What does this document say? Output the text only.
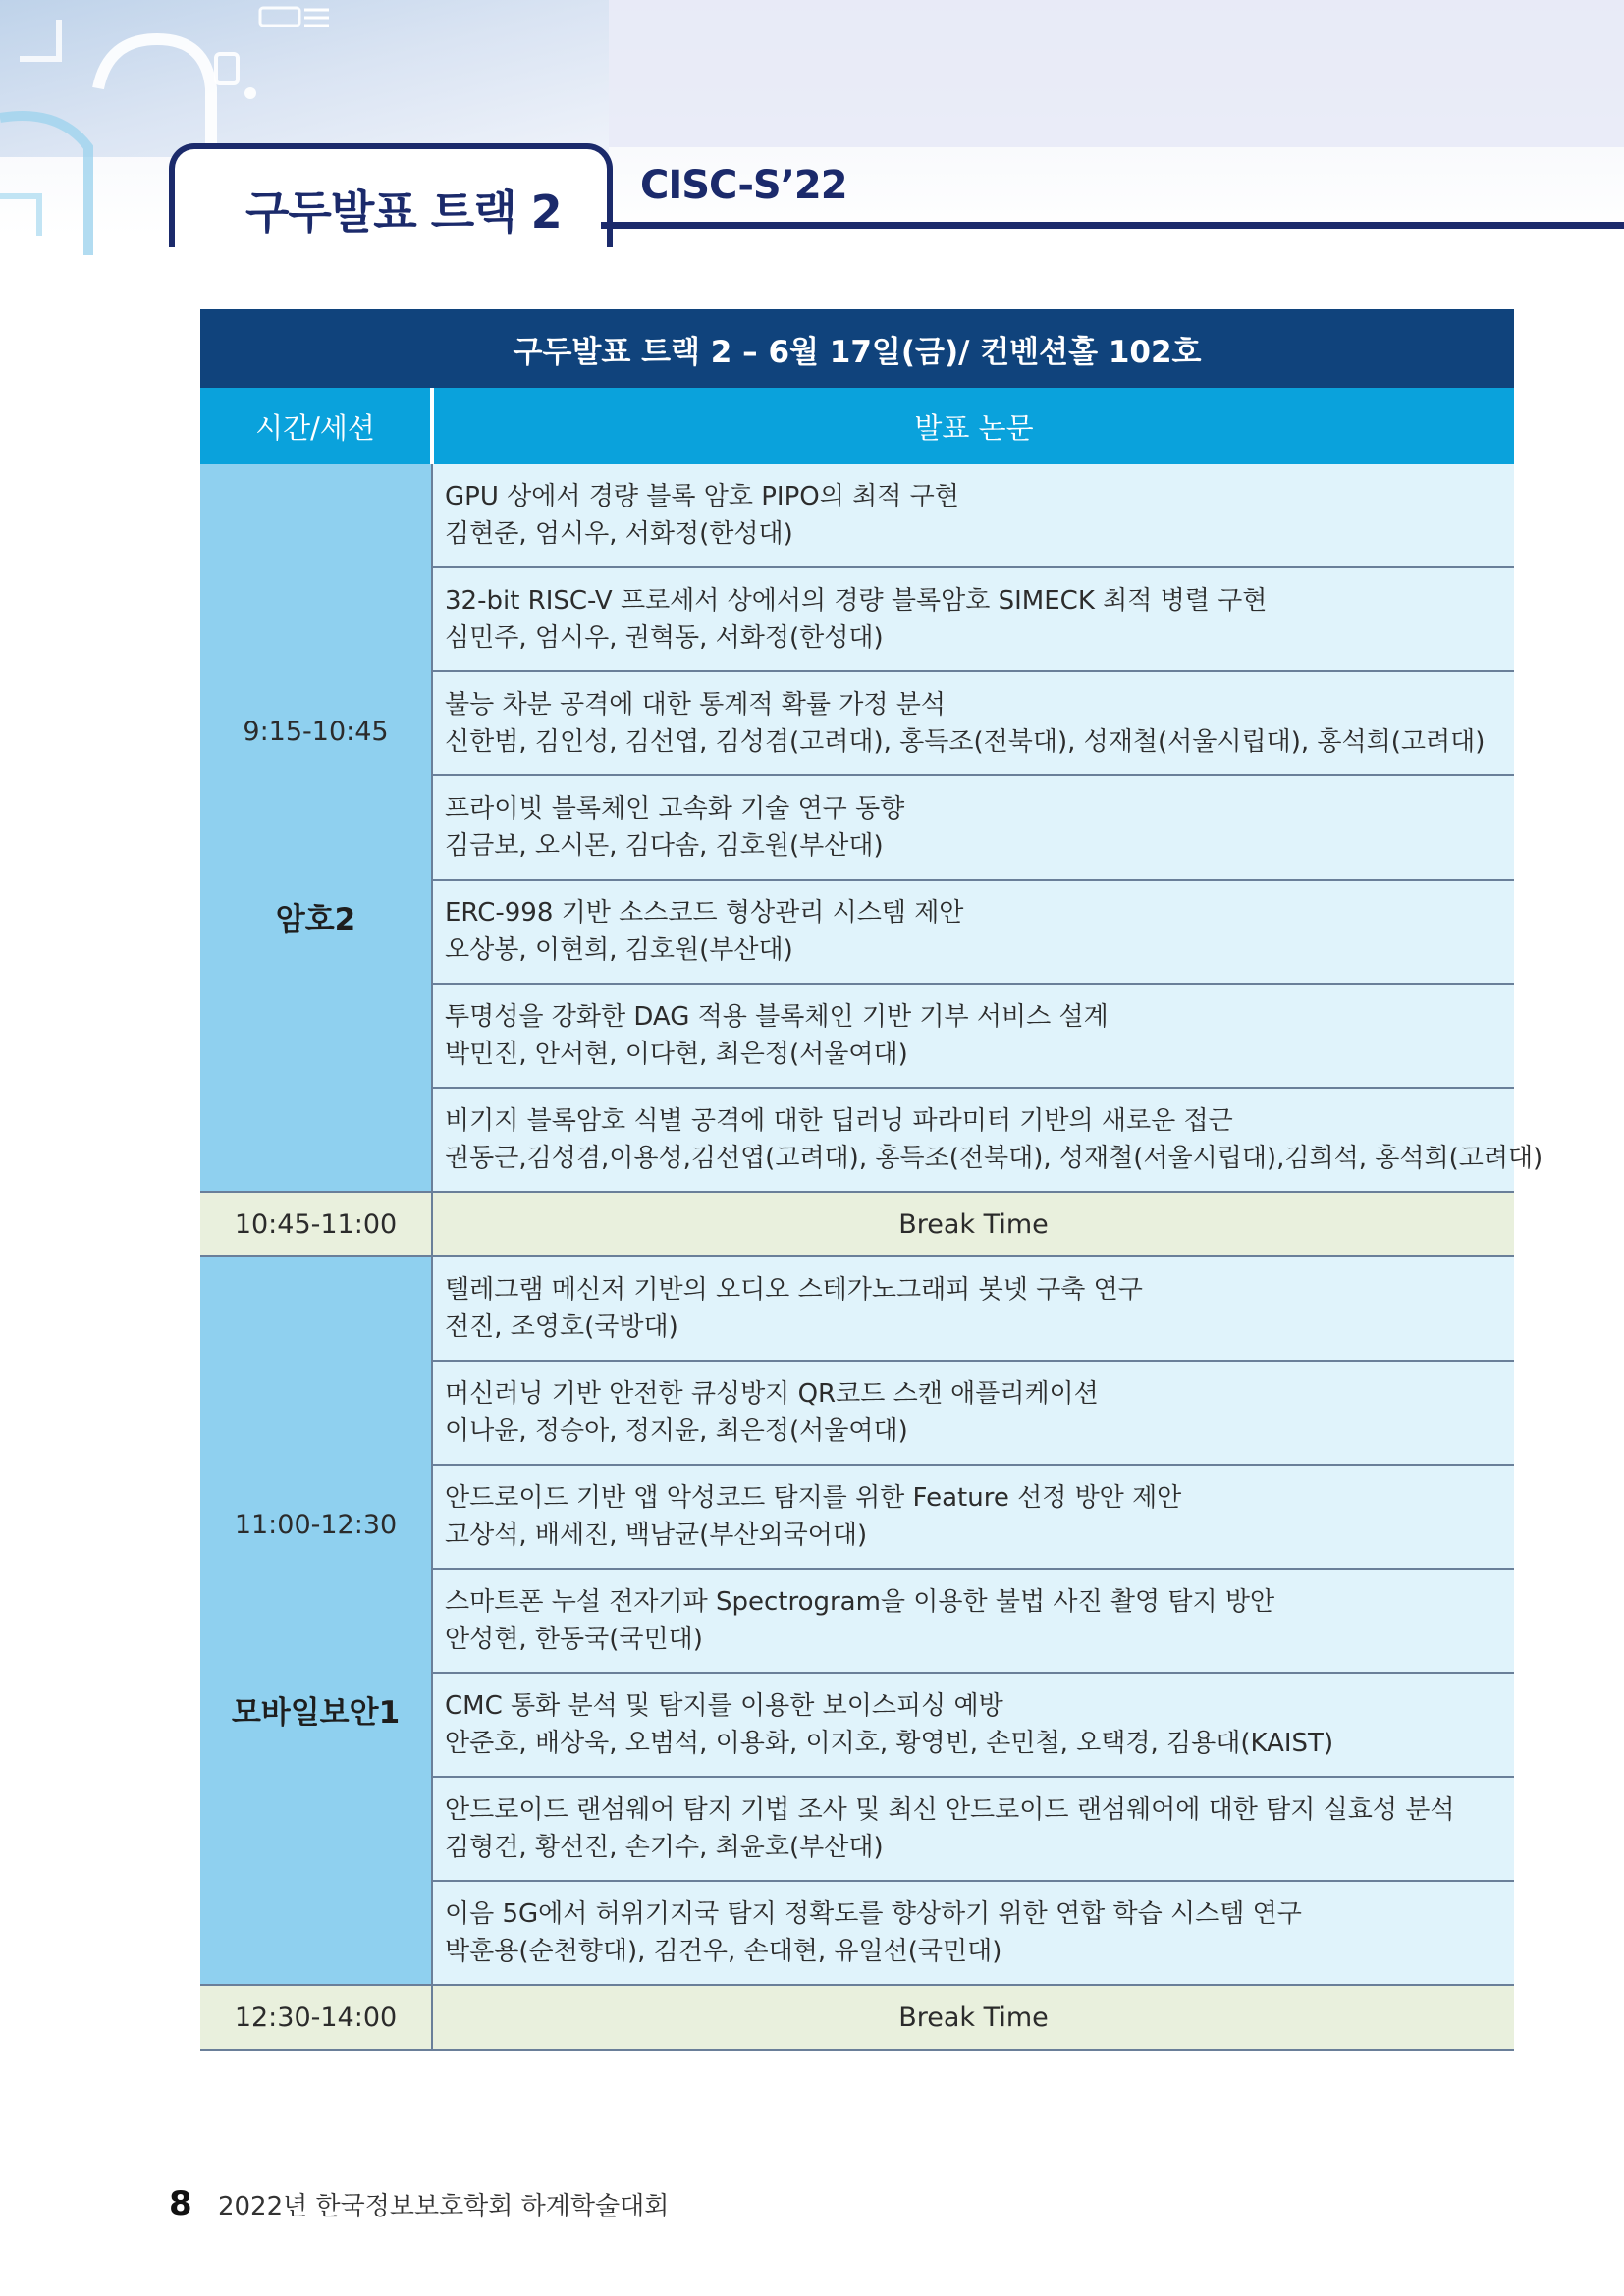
구두발표 트랙 2 CISC-S’22
구두발표 트랙 2 – 6월 17일(금)/ 컨벤션홀 102호	
시간/세션	발표 논문

9:15-10:45
암호2	GPU 상에서 경량 블록 암호 PIPO의 최적 구현
김현준, 엄시우, 서화정(한성대)

	32-bit RISC-V 프로세서 상에서의 경량 블록암호 SIMECK 최적 병렬 구현
심민주, 엄시우, 권혁동, 서화정(한성대)

	불능 차분 공격에 대한 통계적 확률 가정 분석
신한범, 김인성, 김선엽, 김성겸(고려대), 홍득조(전북대), 성재철(서울시립대), 홍석희(고려대)

	프라이빗 블록체인 고속화 기술 연구 동향
김금보, 오시몬, 김다솜, 김호원(부산대)

	ERC-998 기반 소스코드 형상관리 시스템 제안
오상봉, 이현희, 김호원(부산대)

	투명성을 강화한 DAG 적용 블록체인 기반 기부 서비스 설계
박민진, 안서현, 이다현, 최은정(서울여대)

	비기지 블록암호 식별 공격에 대한 딥러닝 파라미터 기반의 새로운 접근
권동근,김성겸,이용성,김선엽(고려대), 홍득조(전북대), 성재철(서울시립대),김희석, 홍석희(고려대)

10:45-11:00	Break Time

11:00-12:30
모바일보안1	텔레그램 메신저 기반의 오디오 스테가노그래피 봇넷 구축 연구
전진, 조영호(국방대)

	머신러닝 기반 안전한 큐싱방지 QR코드 스캔 애플리케이션
이나윤, 정승아, 정지윤, 최은정(서울여대)

	안드로이드 기반 앱 악성코드 탐지를 위한 Feature 선정 방안 제안
고상석, 배세진, 백남균(부산외국어대)

	스마트폰 누설 전자기파 Spectrogram을 이용한 불법 사진 촬영 탐지 방안
안성현, 한동국(국민대)

	CMC 통화 분석 및 탐지를 이용한 보이스피싱 예방
안준호, 배상욱, 오범석, 이용화, 이지호, 황영빈, 손민철, 오택경, 김용대(KAIST)

	안드로이드 랜섬웨어 탐지 기법 조사 및 최신 안드로이드 랜섬웨어에 대한 탐지 실효성 분석
김형건, 황선진, 손기수, 최윤호(부산대)

	이음 5G에서 허위기지국 탐지 정확도를 향상하기 위한 연합 학습 시스템 연구
박훈용(순천향대), 김건우, 손대현, 유일선(국민대)

12:30-14:00	Break Time
8 2022년 한국정보보호학회 하계학술대회
